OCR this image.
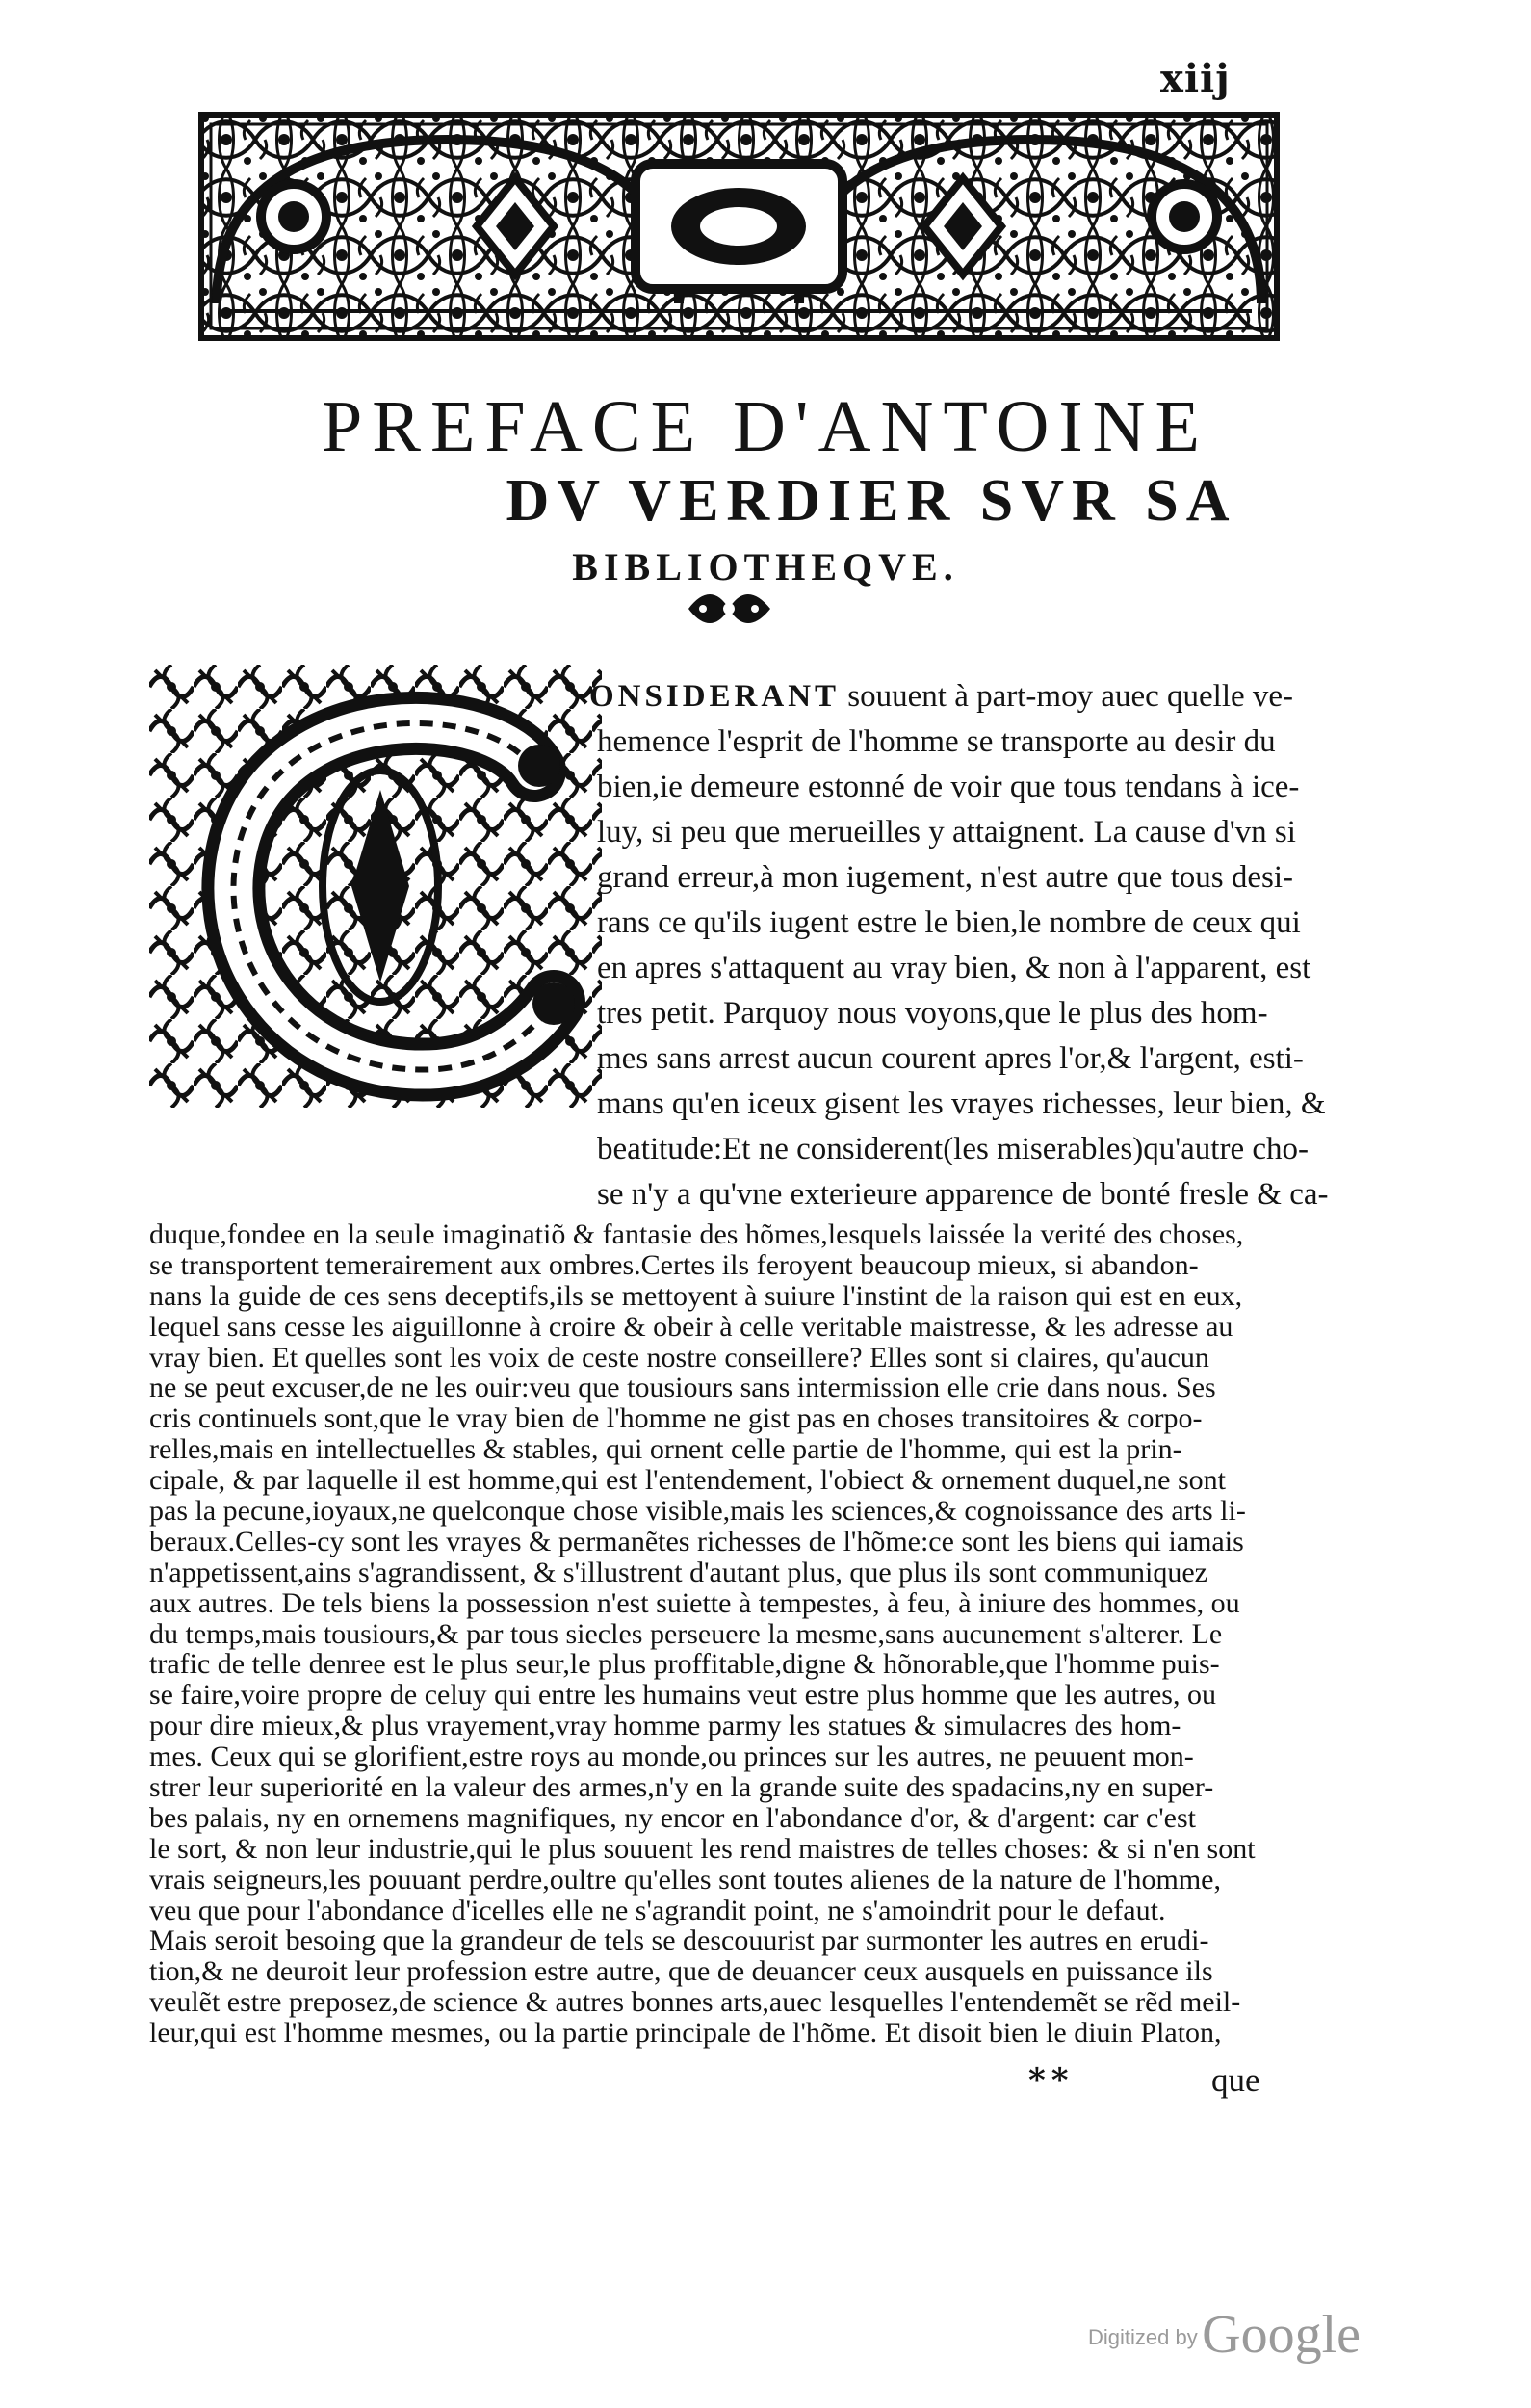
xiij
PREFACE D'ANTOINE
DV VERDIER SVR SA
BIBLIOTHEQVE.
ONSIDERANT souuent à part-moy auec quelle ve-
hemence l'esprit de l'homme se transporte au desir du
bien,ie demeure estonné de voir que tous tendans à ice-
luy, si peu que merueilles y attaignent. La cause d'vn si
grand erreur,à mon iugement, n'est autre que tous desi-
rans ce qu'ils iugent estre le bien,le nombre de ceux qui
en apres s'attaquent au vray bien, & non à l'apparent, est
tres petit. Parquoy nous voyons,que le plus des hom-
mes sans arrest aucun courent apres l'or,& l'argent, esti-
mans qu'en iceux gisent les vrayes richesses, leur bien, &
beatitude:Et ne considerent(les miserables)qu'autre cho-
se n'y a qu'vne exterieure apparence de bonté fresle & ca-
duque,fondee en la seule imaginatiõ & fantasie des hõmes,lesquels laissée la verité des choses,
se transportent temerairement aux ombres.Certes ils feroyent beaucoup mieux, si abandon-
nans la guide de ces sens deceptifs,ils se mettoyent à suiure l'instint de la raison qui est en eux,
lequel sans cesse les aiguillonne à croire & obeir à celle veritable maistresse, & les adresse au
vray bien. Et quelles sont les voix de ceste nostre conseillere? Elles sont si claires, qu'aucun
ne se peut excuser,de ne les ouir:veu que tousiours sans intermission elle crie dans nous. Ses
cris continuels sont,que le vray bien de l'homme ne gist pas en choses transitoires & corpo-
relles,mais en intellectuelles & stables, qui ornent celle partie de l'homme, qui est la prin-
cipale, & par laquelle il est homme,qui est l'entendement, l'obiect & ornement duquel,ne sont
pas la pecune,ioyaux,ne quelconque chose visible,mais les sciences,& cognoissance des arts li-
beraux.Celles-cy sont les vrayes & permanẽtes richesses de l'hõme:ce sont les biens qui iamais
n'appetissent,ains s'agrandissent, & s'illustrent d'autant plus, que plus ils sont communiquez
aux autres. De tels biens la possession n'est suiette à tempestes, à feu, à iniure des hommes, ou
du temps,mais tousiours,& par tous siecles perseuere la mesme,sans aucunement s'alterer. Le
trafic de telle denree est le plus seur,le plus proffitable,digne & hõnorable,que l'homme puis-
se faire,voire propre de celuy qui entre les humains veut estre plus homme que les autres, ou
pour dire mieux,& plus vrayement,vray homme parmy les statues & simulacres des hom-
mes. Ceux qui se glorifient,estre roys au monde,ou princes sur les autres, ne peuuent mon-
strer leur superiorité en la valeur des armes,n'y en la grande suite des spadacins,ny en super-
bes palais, ny en ornemens magnifiques, ny encor en l'abondance d'or, & d'argent: car c'est
le sort, & non leur industrie,qui le plus souuent les rend maistres de telles choses: & si n'en sont
vrais seigneurs,les pouuant perdre,oultre qu'elles sont toutes alienes de la nature de l'homme,
veu que pour l'abondance d'icelles elle ne s'agrandit point, ne s'amoindrit pour le defaut.
Mais seroit besoing que la grandeur de tels se descouurist par surmonter les autres en erudi-
tion,& ne deuroit leur profession estre autre, que de deuancer ceux ausquels en puissance ils
veulẽt estre preposez,de science & autres bonnes arts,auec lesquelles l'entendemẽt se rẽd meil-
leur,qui est l'homme mesmes, ou la partie principale de l'hõme. Et disoit bien le diuin Platon,
**	que
Digitized by Google
